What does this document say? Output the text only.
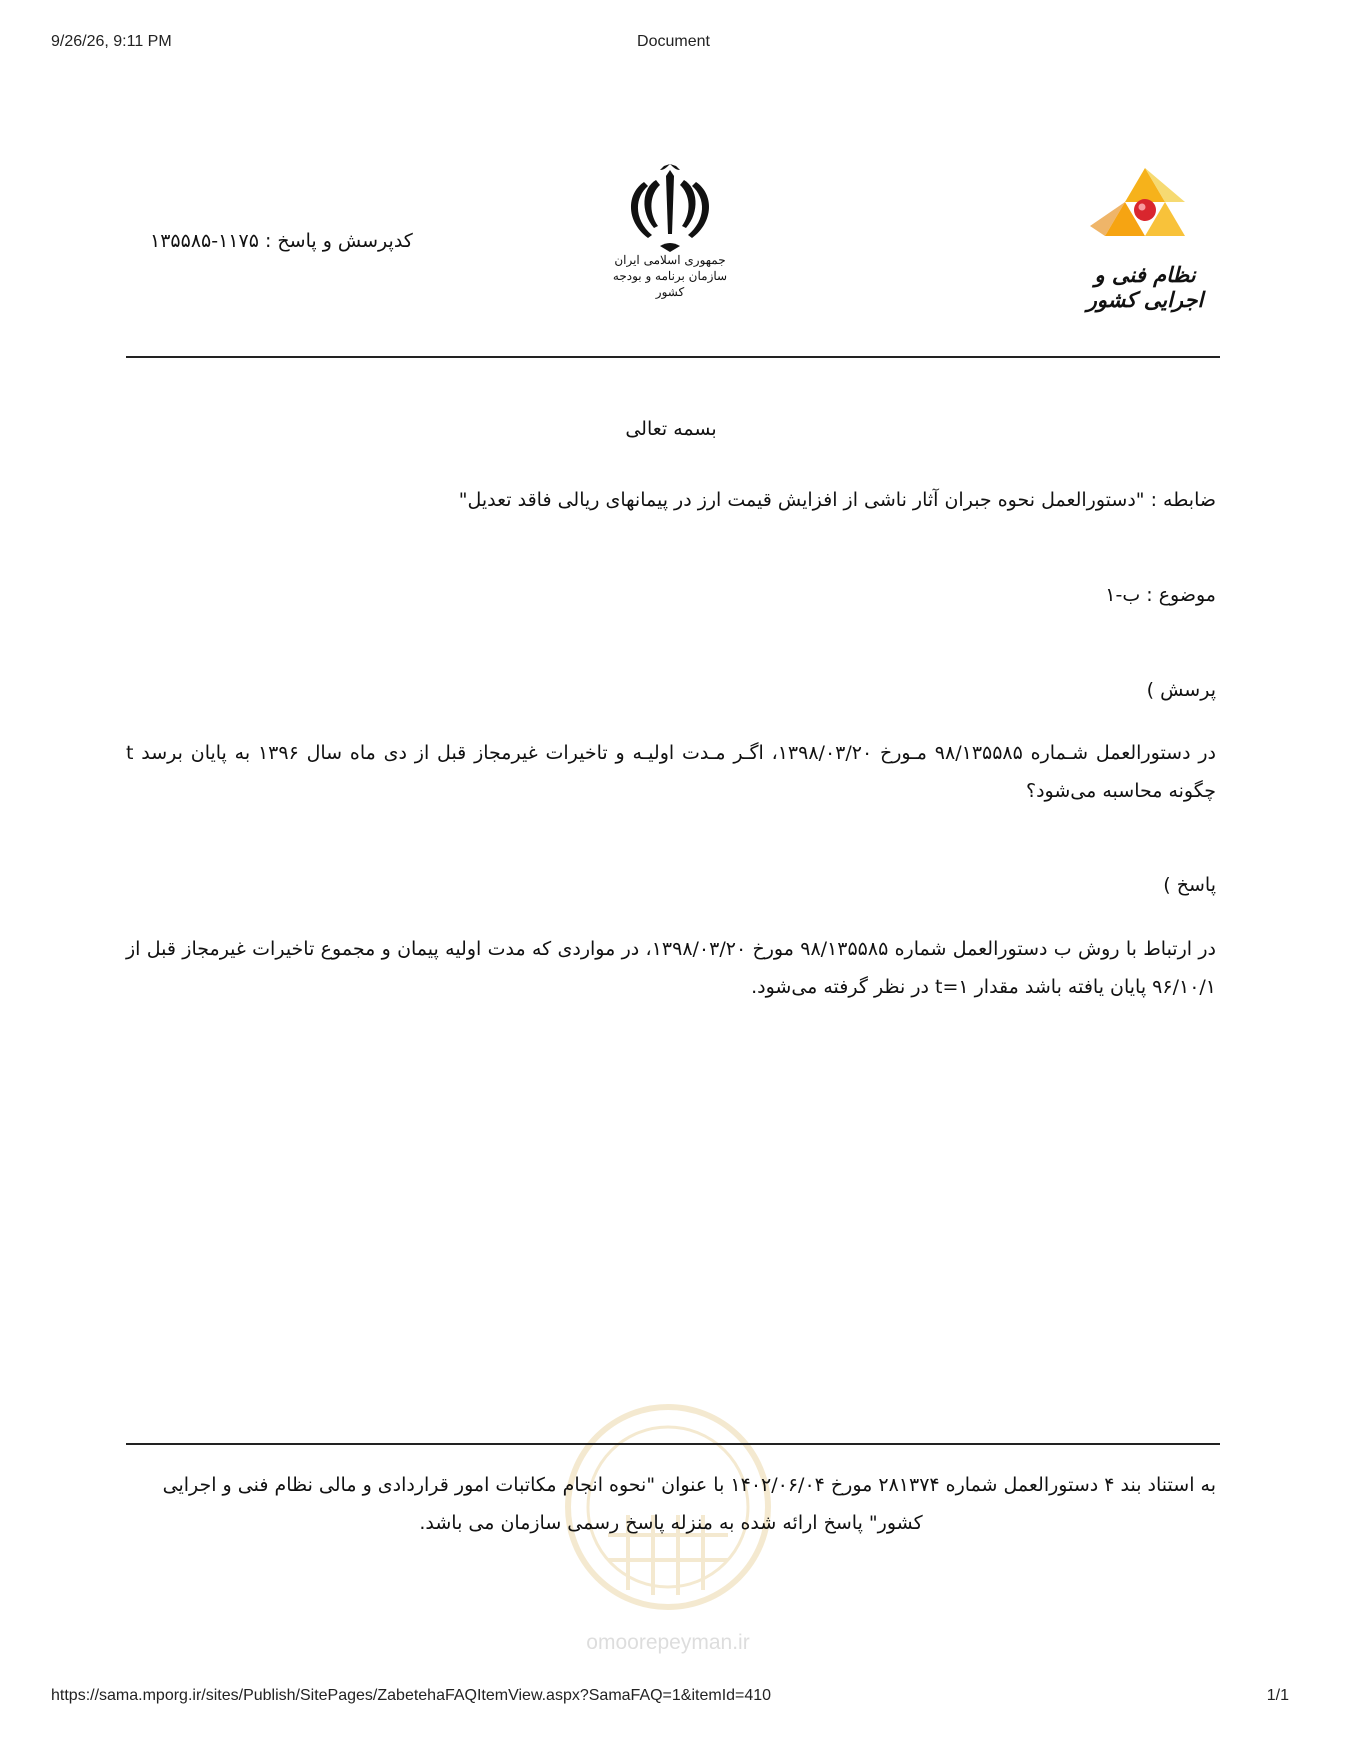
9/26/26, 9:11 PM	Document
کدپرسش و پاسخ : ۱۱۷۵-۱۳۵۵۸۵
جمهوری اسلامی ایران
سازمان برنامه و بودجه کشور
نظام فنی و اجرایی کشور
بسمه تعالی
ضابطه : "دستورالعمل نحوه جبران آثار ناشی از افزایش قیمت ارز در پیمانهای ریالی فاقد تعدیل"
موضوع : ب-۱
پرسش )
در دستورالعمل شـماره ۹۸/۱۳۵۵۸۵ مـورخ ۱۳۹۸/۰۳/۲۰، اگـر مـدت اولیـه و تاخیرات غیرمجاز قبل از دی ماه سال ۱۳۹۶ به پایان برسد t چگونه محاسبه می‌شود؟
پاسخ )
در ارتباط با روش ب دستورالعمل شماره ۹۸/۱۳۵۵۸۵ مورخ ۱۳۹۸/۰۳/۲۰، در مواردی که مدت اولیه پیمان و مجموع تاخیرات غیرمجاز قبل از ۹۶/۱۰/۱ پایان یافته باشد مقدار t=۱ در نظر گرفته می‌شود.
omoorepeyman.ir
به استناد بند ۴ دستورالعمل شماره ۲۸۱۳۷۴ مورخ ۱۴۰۲/۰۶/۰۴ با عنوان "نحوه انجام مکاتبات امور قراردادی و مالی نظام فنی و اجرایی
کشور" پاسخ ارائه شده به منزله پاسخ رسمی سازمان می باشد.
https://sama.mporg.ir/sites/Publish/SitePages/ZabetehaFAQItemView.aspx?SamaFAQ=1&itemId=410	1/1
